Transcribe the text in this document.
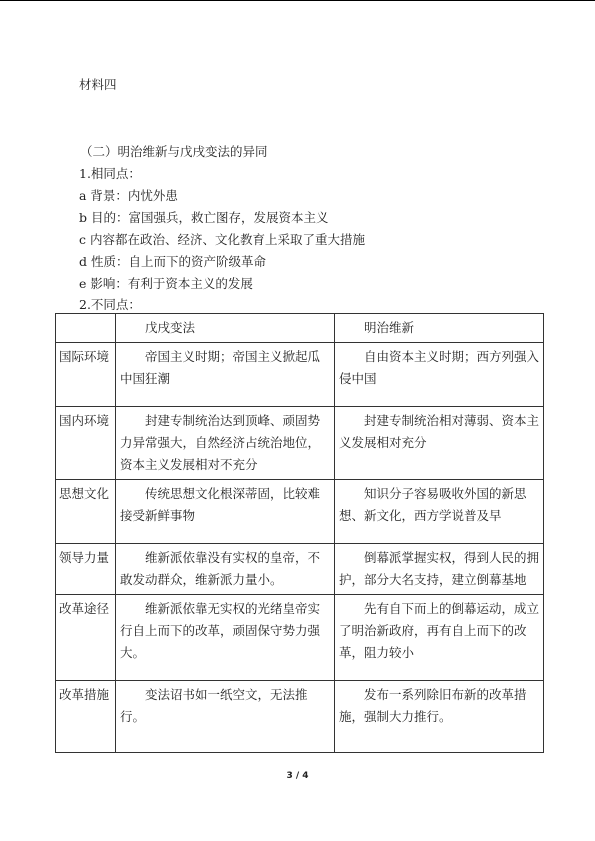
材料四
（二）明治维新与戊戌变法的异同
1.相同点：
a 背景：内忧外患
b 目的：富国强兵，救亡图存，发展资本主义
c 内容都在政治、经济、文化教育上采取了重大措施
d 性质：自上而下的资产阶级革命
e 影响：有利于资本主义的发展
2.不同点：
	戊戌变法	明治维新
国际环境	帝国主义时期；帝国主义掀起瓜中国狂潮	自由资本主义时期；西方列强入侵中国
国内环境	封建专制统治达到顶峰、顽固势力异常强大，自然经济占统治地位，资本主义发展相对不充分	封建专制统治相对薄弱、资本主义发展相对充分
思想文化	传统思想文化根深蒂固，比较难接受新鲜事物	知识分子容易吸收外国的新思想、新文化，西方学说普及早
领导力量	维新派依靠没有实权的皇帝，不敢发动群众，维新派力量小。	倒幕派掌握实权，得到人民的拥护，部分大名支持，建立倒幕基地
改革途径	维新派依靠无实权的光绪皇帝实行自上而下的改革，顽固保守势力强大。	先有自下而上的倒幕运动，成立了明治新政府，再有自上而下的改革，阻力较小
改革措施	变法诏书如一纸空文，无法推行。	发布一系列除旧布新的改革措施，强制大力推行。
3 / 4
